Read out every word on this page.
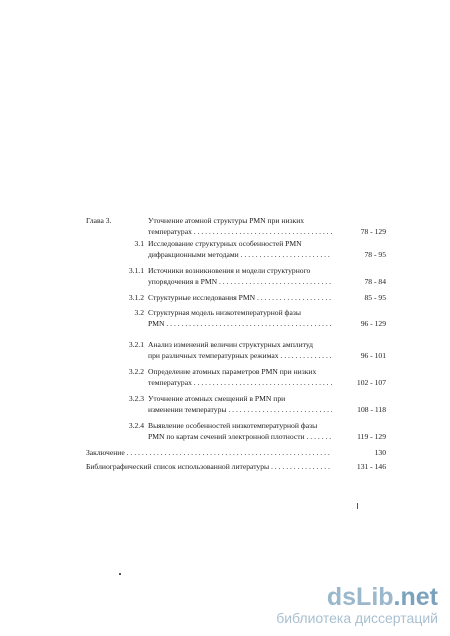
Глава 3.	Уточнение атомной структуры PMN при низких
температурах . . .	78 - 129
3.1 Исследование структурных особенностей PMN
дифракционными методами . . .	78 - 95
3.1.1 Источники возникновения и модели структурного
упорядочения в PMN . . .	78 - 84
3.1.2 Структурные исследования PMN . . .	85 - 95
3.2 Структурная модель низкотемпературной фазы
PMN . . .	96 - 129
3.2.1 Анализ изменений величин структурных амплитуд
при различных температурных режимах . . .	96 - 101
3.2.2 Определение атомных параметров PMN при низких
температурах . . .	102 - 107
3.2.3 Уточнение атомных смещений в PMN при
изменении температуры . . .	108 - 118
3.2.4 Выявление особенностей низкотемпературной фазы
PMN по картам сечений электронной плотности . . .	119 - 129
Заключение . . .	130
Библиографический список использованной литературы . . .	131 - 146
dsLib.net
библиотека диссертаций
